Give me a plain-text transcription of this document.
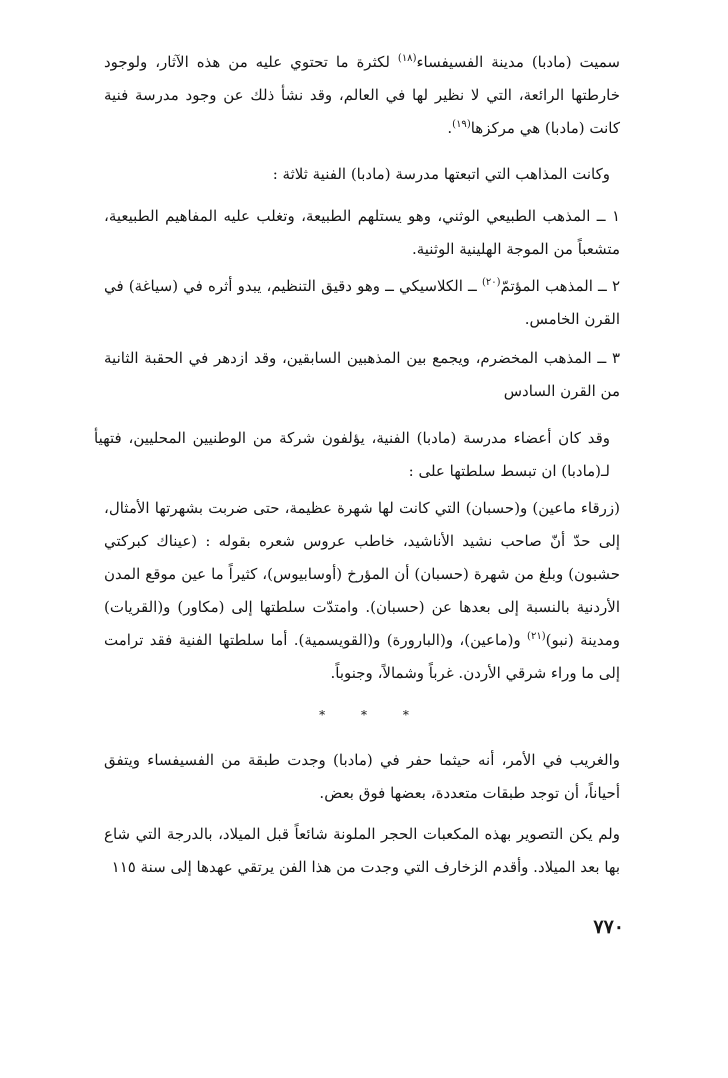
سميت (مادبا) مدينة الفسيفساء$^{(١٨)}$ لكثرة ما تحتوي عليه من هذه الآثار، ولوجود خارطتها الرائعة، التي لا نظير لها في العالم، وقد نشأ ذلك عن وجود مدرسة فنية كانت (مادبا) هي مركزها$^{(١٩)}$.
وكانت المذاهب التي اتبعتها مدرسة (مادبا) الفنية ثلاثة :
١ ــ المذهب الطبيعي الوثني، وهو يستلهم الطبيعة، وتغلب عليه المفاهيم الطبيعية، متشعباً من الموجة الهلينية الوثنية.
٢ ــ المذهب المؤتمّ$^{(٢٠)}$ ــ الكلاسيكي ــ وهو دقيق التنظيم، يبدو أثره في (سياغة) في القرن الخامس.
٣ ــ المذهب المخضرم، ويجمع بين المذهبين السابقين، وقد ازدهر في الحقبة الثانية من القرن السادس
وقد كان أعضاء مدرسة (مادبا) الفنية، يؤلفون شركة من الوطنيين المحليين، فتهيأ لـ(مادبا) ان تبسط سلطتها على :
(زرقاء ماعين) و(حسبان) التي كانت لها شهرة عظيمة، حتى ضربت بشهرتها الأمثال، إلى حدّ أنّ صاحب نشيد الأناشيد، خاطب عروس شعره بقوله : (عيناك كبركتي حشبون) وبلغ من شهرة (حسبان) أن المؤرخ (أوسابيوس)، كثيراً ما عين موقع المدن الأردنية بالنسبة إلى بعدها عن (حسبان). وامتدّت سلطتها إلى (مكاور) و(القريات) ومدينة (نبو)$^{(٢١)}$ و(ماعين)، و(البارورة) و(القويسمية). أما سلطتها الفنية فقد ترامت إلى ما وراء شرقي الأردن. غرباً وشمالاً، وجنوباً.
*	*	*
والغريب في الأمر، أنه حيثما حفر في (مادبا) وجدت طبقة من الفسيفساء ويتفق أحياناً، أن توجد طبقات متعددة، بعضها فوق بعض.
ولم يكن التصوير بهذه المكعبات الحجر الملونة شائعاً قبل الميلاد، بالدرجة التي شاع بها بعد الميلاد. وأقدم الزخارف التي وجدت من هذا الفن يرتقي عهدها إلى سنة ١١٥
٧٧٠
